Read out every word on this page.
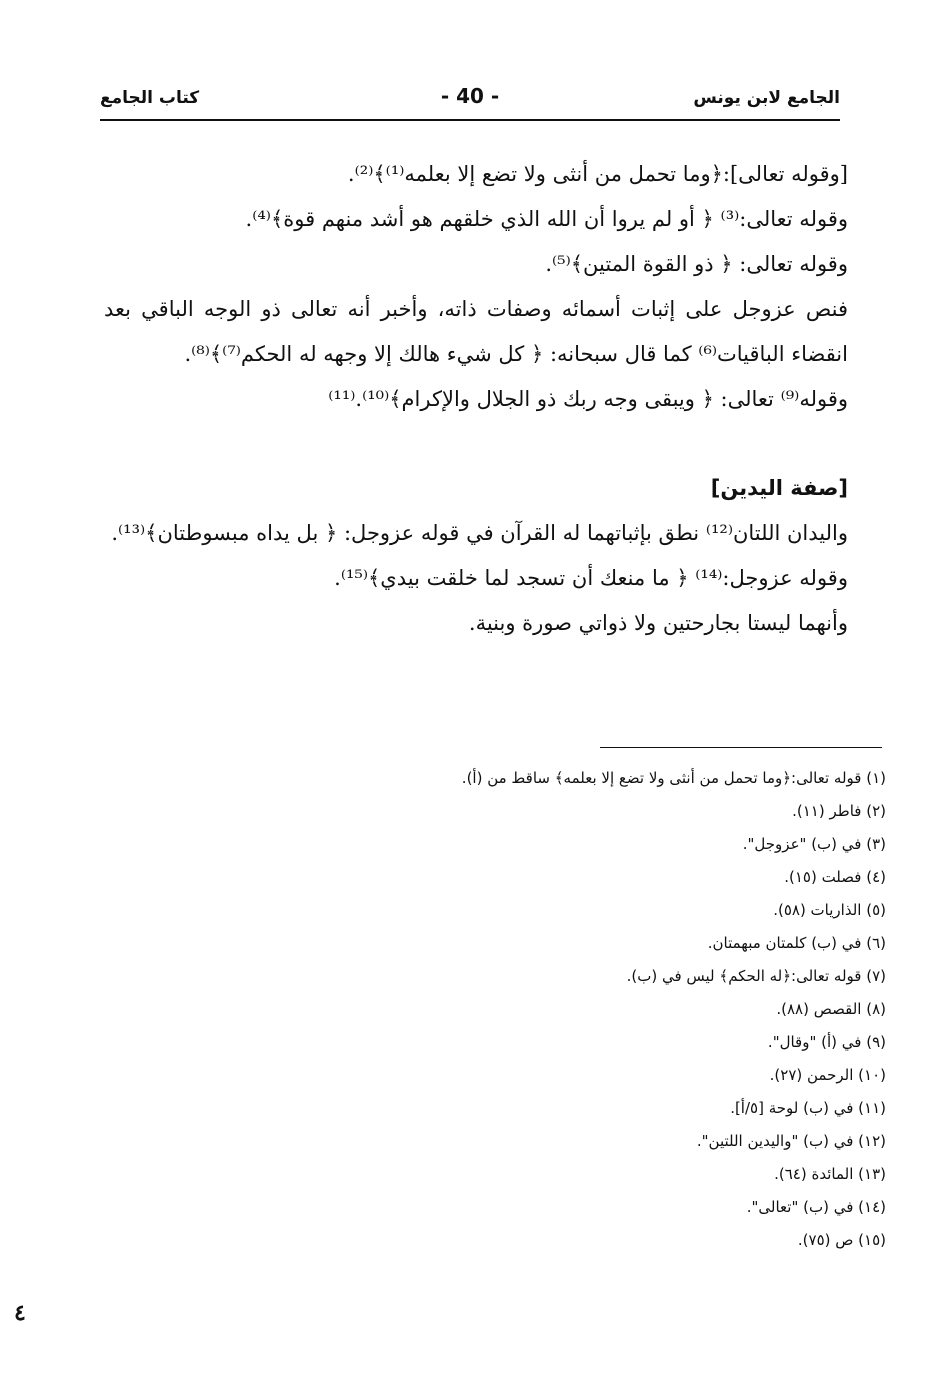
الجامع لابن يونس
- 40 -
كتاب الجامع

[وقوله تعالى]:﴿وما تحمل من أنثى ولا تضع إلا بعلمه⁽¹⁾﴾⁽²⁾.

وقوله تعالى:⁽³⁾ ﴿ أو لم يروا أن الله الذي خلقهم هو أشد منهم قوة﴾⁽⁴⁾.

وقوله تعالى: ﴿ ذو القوة المتين﴾⁽⁵⁾.

فنص عزوجل على إثبات أسمائه وصفات ذاته، وأخبر أنه تعالى ذو الوجه الباقي بعد انقضاء الباقيات⁽⁶⁾ كما قال سبحانه: ﴿ كل شيء هالك إلا وجهه له الحكم⁽⁷⁾﴾⁽⁸⁾.

وقوله⁽⁹⁾ تعالى: ﴿ ويبقى وجه ربك ذو الجلال والإكرام﴾⁽¹⁰⁾.⁽¹¹⁾

[صفة اليدين]

واليدان اللتان⁽¹²⁾ نطق بإثباتهما له القرآن في قوله عزوجل: ﴿ بل يداه مبسوطتان﴾⁽¹³⁾.

وقوله عزوجل:⁽¹⁴⁾ ﴿ ما منعك أن تسجد لما خلقت بيدي﴾⁽¹⁵⁾.

وأنهما ليستا بجارحتين ولا ذواتي صورة وبنية.

(١) قوله تعالى:﴿وما تحمل من أنثى ولا تضع إلا بعلمه﴾ ساقط من (أ).

(٢) فاطر (١١).

(٣) في (ب) "عزوجل".

(٤) فصلت (١٥).

(٥) الذاريات (٥٨).

(٦) في (ب) كلمتان مبهمتان.

(٧) قوله تعالى:﴿له الحكم﴾ ليس في (ب).

(٨) القصص (٨٨).

(٩) في (أ) "وقال".

(١٠) الرحمن (٢٧).

(١١) في (ب) لوحة [٥/أ].

(١٢) في (ب) "واليدين اللتين".

(١٣) المائدة (٦٤).

(١٤) في (ب) "تعالى".

(١٥) ص (٧٥).

٤
